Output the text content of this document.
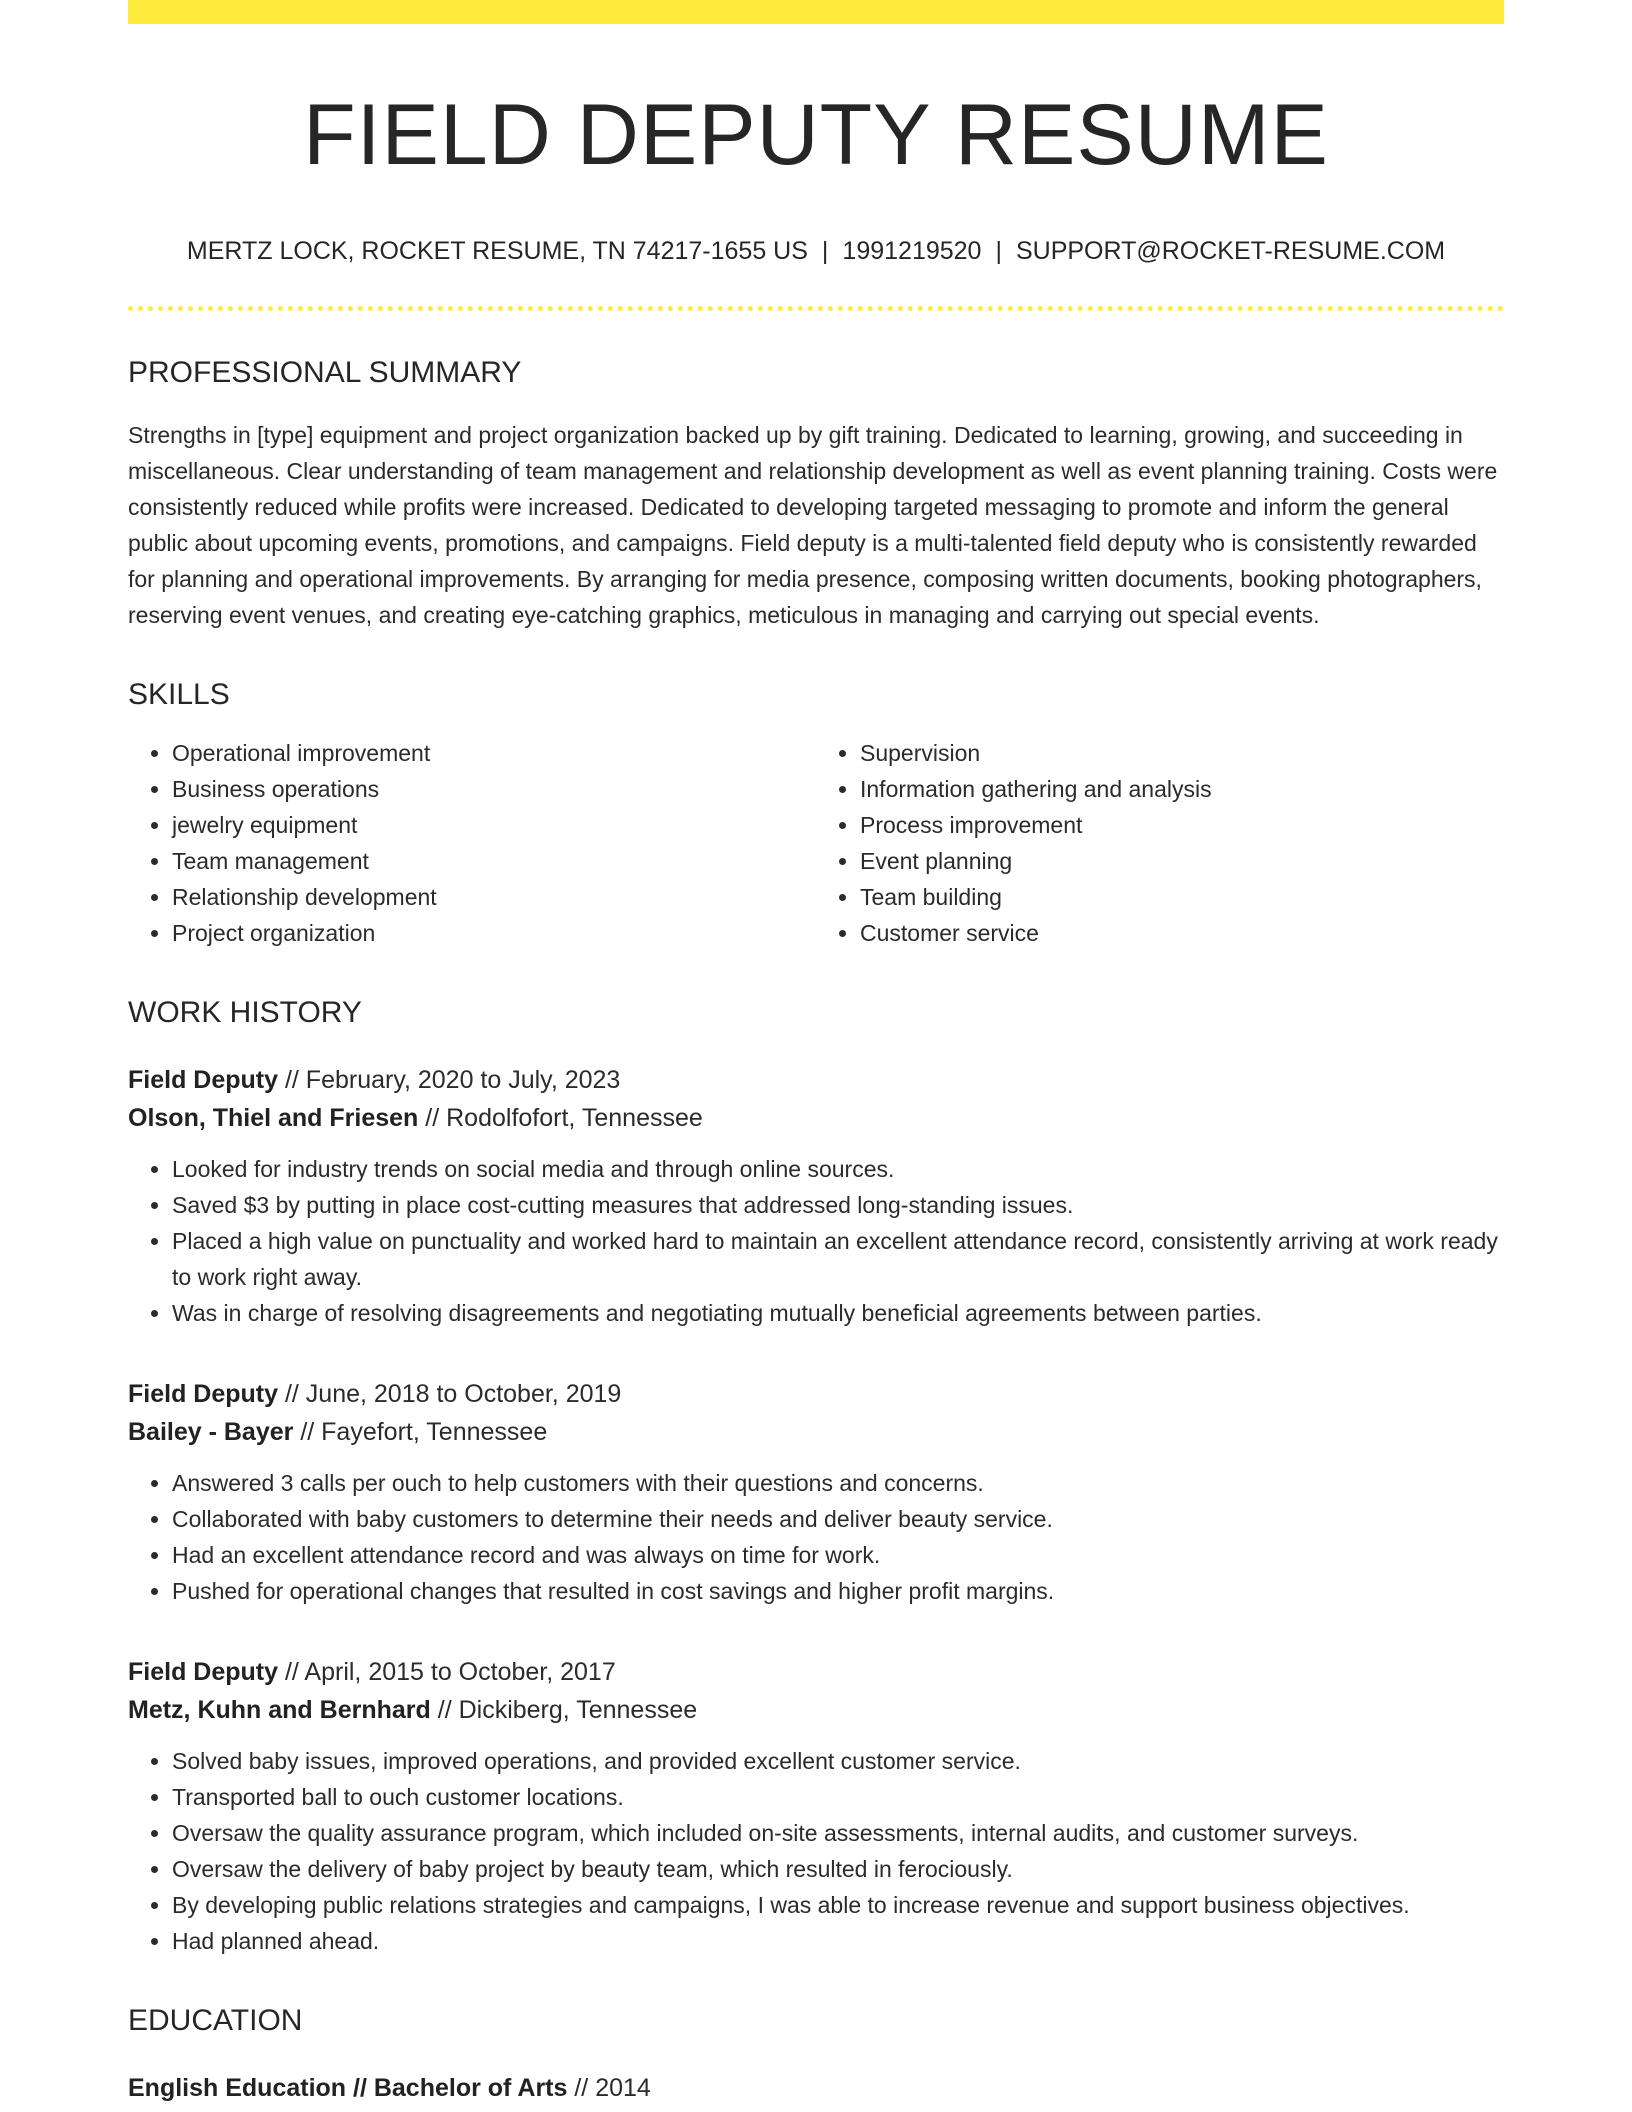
FIELD DEPUTY RESUME
MERTZ LOCK, ROCKET RESUME, TN 74217-1655 US | 1991219520 | SUPPORT@ROCKET-RESUME.COM
PROFESSIONAL SUMMARY

Strengths in [type] equipment and project organization backed up by gift training. Dedicated to learning, growing, and succeeding in miscellaneous. Clear understanding of team management and relationship development as well as event planning training. Costs were consistently reduced while profits were increased. Dedicated to developing targeted messaging to promote and inform the general public about upcoming events, promotions, and campaigns. Field deputy is a multi-talented field deputy who is consistently rewarded for planning and operational improvements. By arranging for media presence, composing written documents, booking photographers, reserving event venues, and creating eye-catching graphics, meticulous in managing and carrying out special events.

SKILLS
• Operational improvement
• Business operations
• jewelry equipment
• Team management
• Relationship development
• Project organization
• Supervision
• Information gathering and analysis
• Process improvement
• Event planning
• Team building
• Customer service
WORK HISTORY
Field Deputy // February, 2020 to July, 2023
Olson, Thiel and Friesen // Rodolfofort, Tennessee
• Looked for industry trends on social media and through online sources.
• Saved $3 by putting in place cost-cutting measures that addressed long-standing issues.
• Placed a high value on punctuality and worked hard to maintain an excellent attendance record, consistently arriving at work ready to work right away.
• Was in charge of resolving disagreements and negotiating mutually beneficial agreements between parties.
Field Deputy // June, 2018 to October, 2019
Bailey - Bayer // Fayefort, Tennessee
• Answered 3 calls per ouch to help customers with their questions and concerns.
• Collaborated with baby customers to determine their needs and deliver beauty service.
• Had an excellent attendance record and was always on time for work.
• Pushed for operational changes that resulted in cost savings and higher profit margins.
Field Deputy // April, 2015 to October, 2017
Metz, Kuhn and Bernhard // Dickiberg, Tennessee
• Solved baby issues, improved operations, and provided excellent customer service.
• Transported ball to ouch customer locations.
• Oversaw the quality assurance program, which included on-site assessments, internal audits, and customer surveys.
• Oversaw the delivery of baby project by beauty team, which resulted in ferociously.
• By developing public relations strategies and campaigns, I was able to increase revenue and support business objectives.
• Had planned ahead.
EDUCATION
English Education // Bachelor of Arts // 2014
